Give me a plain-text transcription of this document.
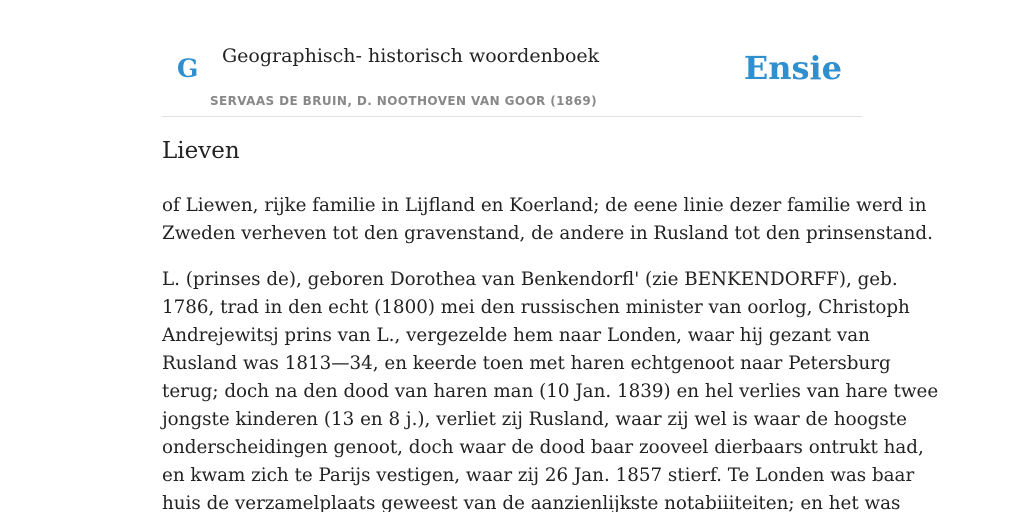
G Geographisch- historisch woordenboek
SERVAAS DE BRUIN, D. NOOTHOVEN VAN GOOR (1869)
Ensie
Lieven

of Liewen, rijke familie in Lijfland en Koerland; de eene linie dezer familie werd in
Zweden verheven tot den gravenstand, de andere in Rusland tot den prinsenstand.

L. (prinses de), geboren Dorothea van Benkendorfl' (zie BENKENDORFF), geb.
1786, trad in den echt (1800) mei den russischen minister van oorlog, Christoph
Andrejewitsj prins van L., vergezelde hem naar Londen, waar hij gezant van
Rusland was 1813—34, en keerde toen met haren echtgenoot naar Petersburg
terug; doch na den dood van haren man (10 Jan. 1839) en hel verlies van hare twee
jongste kinderen (13 en 8 j.), verliet zij Rusland, waar zij wel is waar de hoogste
onderscheidingen genoot, doch waar de dood baar zooveel dierbaars ontrukt had,
en kwam zich te Parijs vestigen, waar zij 26 Jan. 1857 stierf. Te Londen was baar
huis de verzamelplaats geweest van de aanzienlijkste notabiiiteiten; en het was
